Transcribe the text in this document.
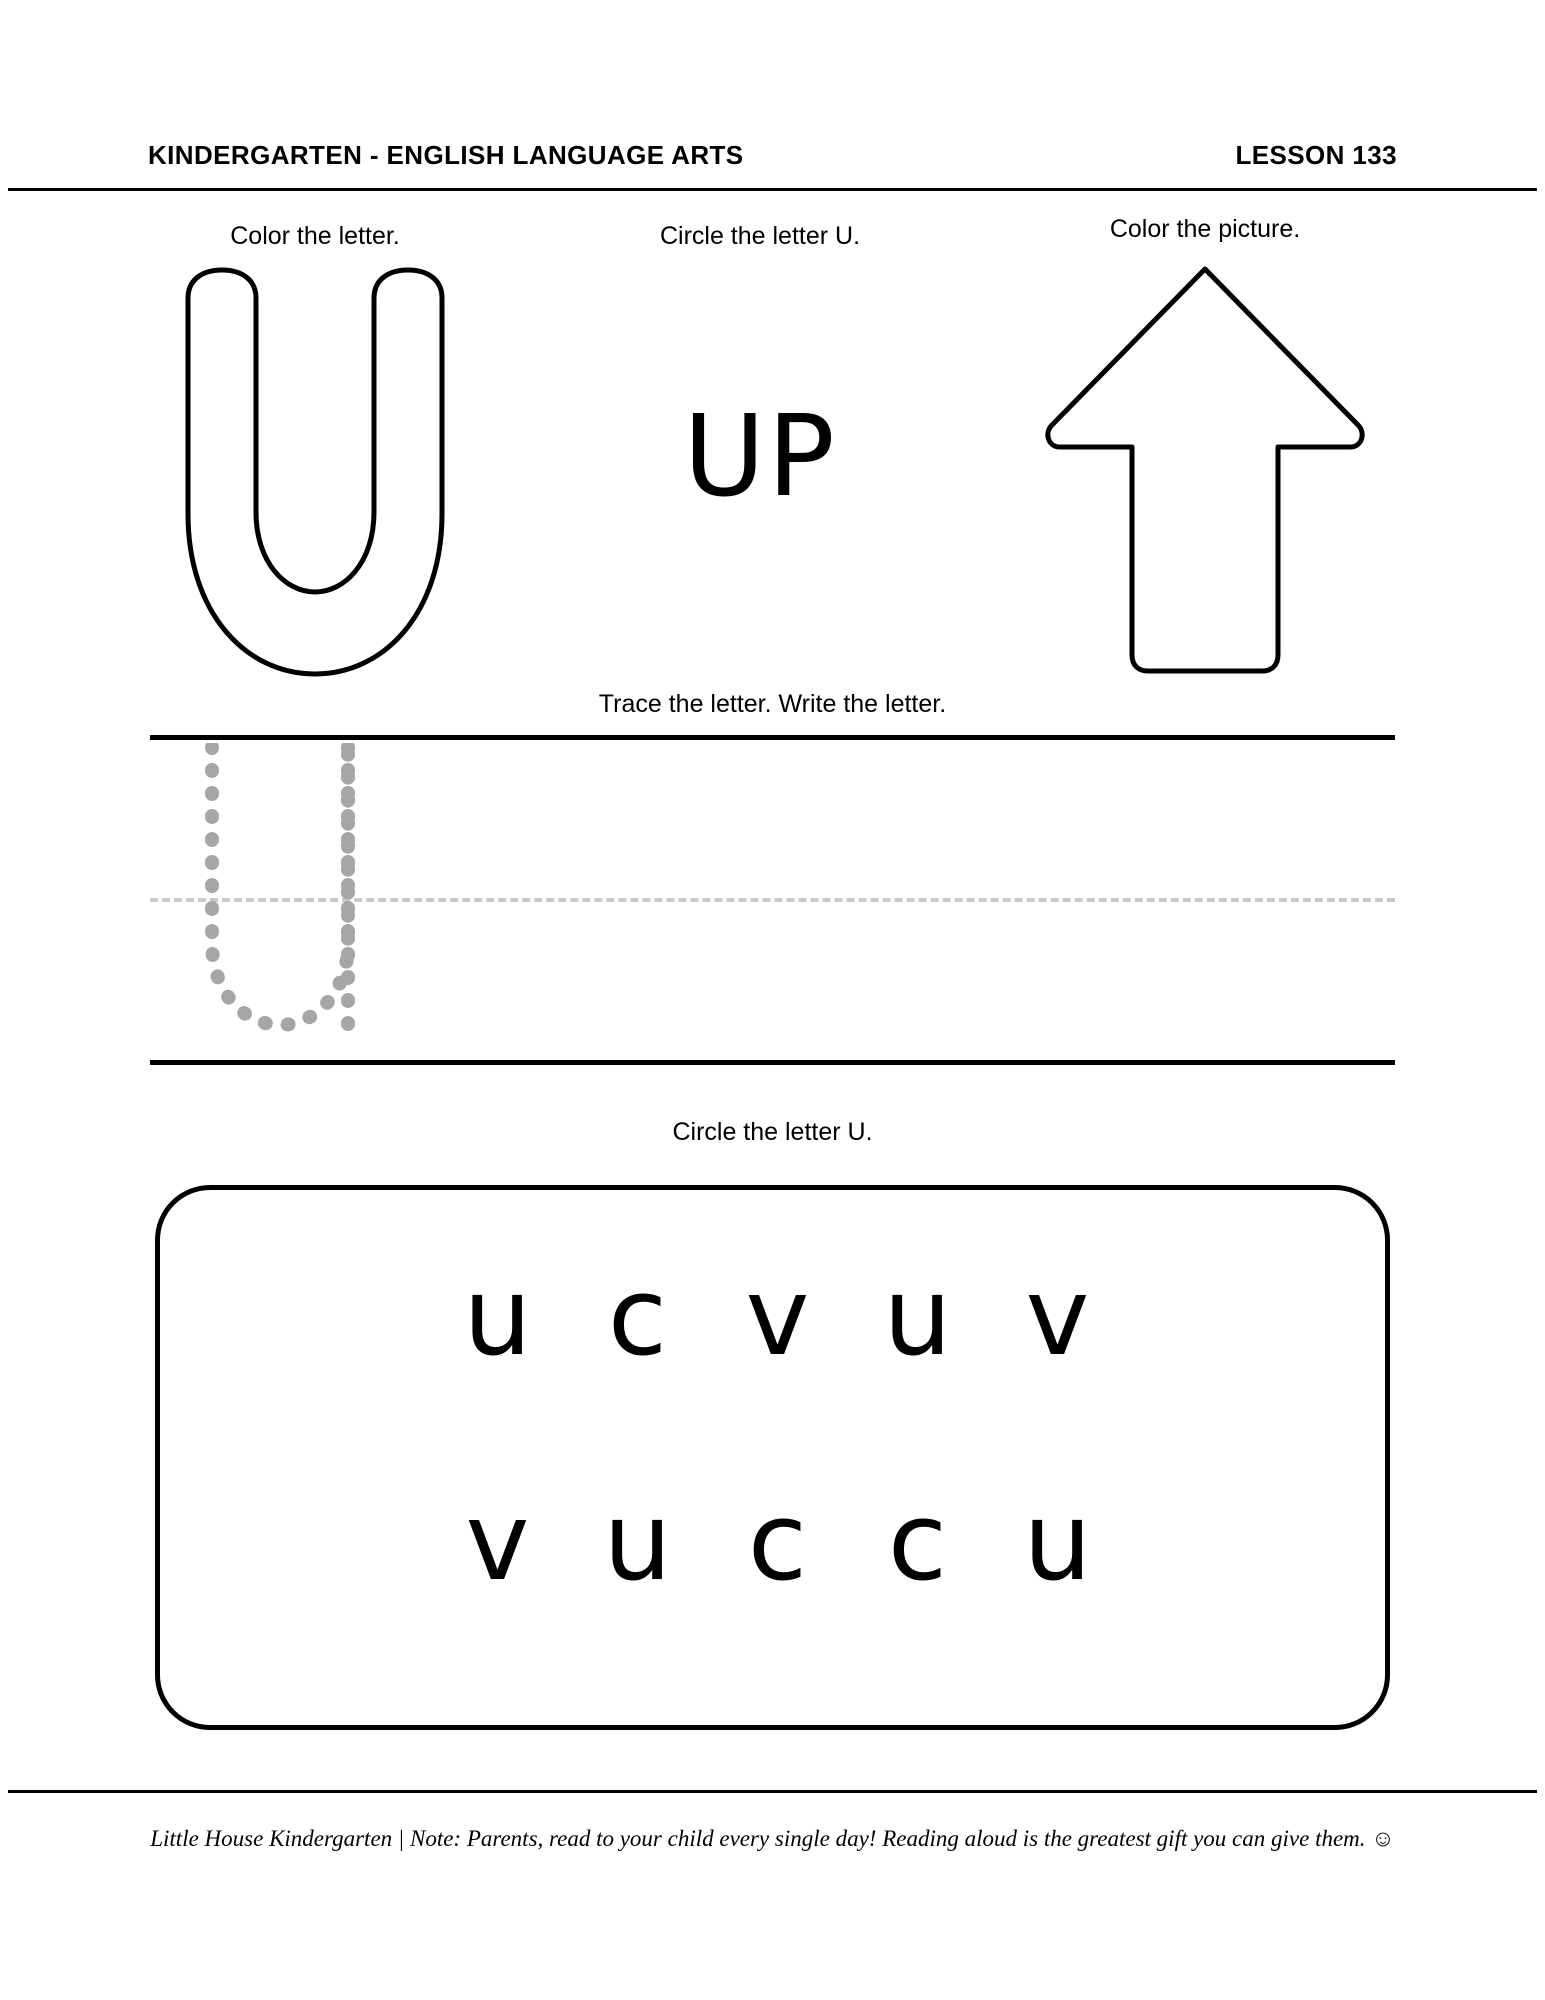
KINDERGARTEN - ENGLISH LANGUAGE ARTS	LESSON 133
Color the letter.	Circle the letter U.
UP
Color the picture.
Trace the letter. Write the letter.
Circle the letter U.
u c v u v
v u c c u
Little House Kindergarten | Note: Parents, read to your child every single day! Reading aloud is the greatest gift you can give them. ☺
